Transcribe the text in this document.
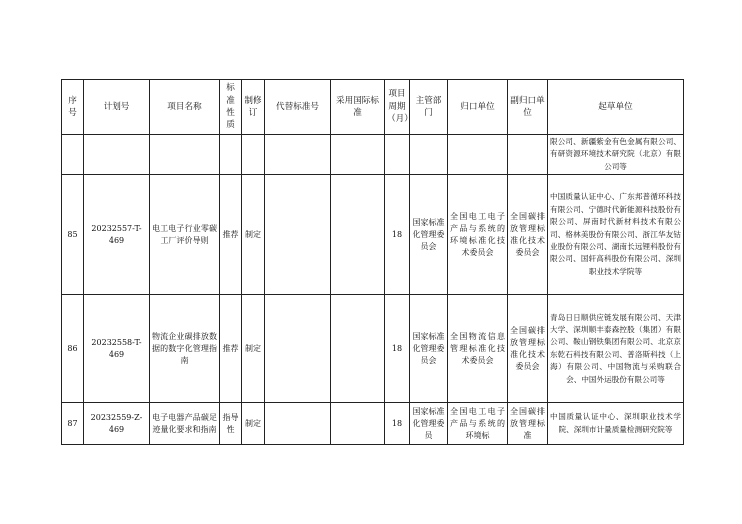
序号	计划号	项目名称	标准性质	制修订	代替标准号	采用国际标准	项目周期（月）	主管部门	归口单位	副归口单位	起草单位
											限公司、新疆紫金有色金属有限公司、有研资源环境技术研究院（北京）有限公司等
85	20232557-T-469	电工电子行业零碳工厂评价导则	推荐	制定			18	国家标准化管理委员会	全国电工电子产品与系统的环境标准化技术委员会	全国碳排放管理标准化技术委员会	中国质量认证中心、广东邦普循环科技有限公司、宁德时代新能源科技股份有限公司、屏南时代新材料技术有限公司、格林美股份有限公司、浙江华友钴业股份有限公司、湖南长远锂科股份有限公司、国轩高科股份有限公司、深圳职业技术学院等
86	20232558-T-469	物流企业碳排放数据的数字化管理指南	推荐	制定			18	国家标准化管理委员会	全国物流信息管理标准化技术委员会	全国碳排放管理标准化技术委员会	青岛日日顺供应链发展有限公司、天津大学、深圳顺丰泰森控股（集团）有限公司、鞍山钢铁集团有限公司、北京京东乾石科技有限公司、普洛斯科技（上海）有限公司、中国物流与采购联合会、中国外运股份有限公司等
87	20232559-Z-469	电子电器产品碳足迹量化要求和指南	指导性	制定			18	国家标准化管理委员	全国电工电子产品与系统的环境标	全国碳排放管理标准	中国质量认证中心、深圳职业技术学院、深圳市计量质量检测研究院等
